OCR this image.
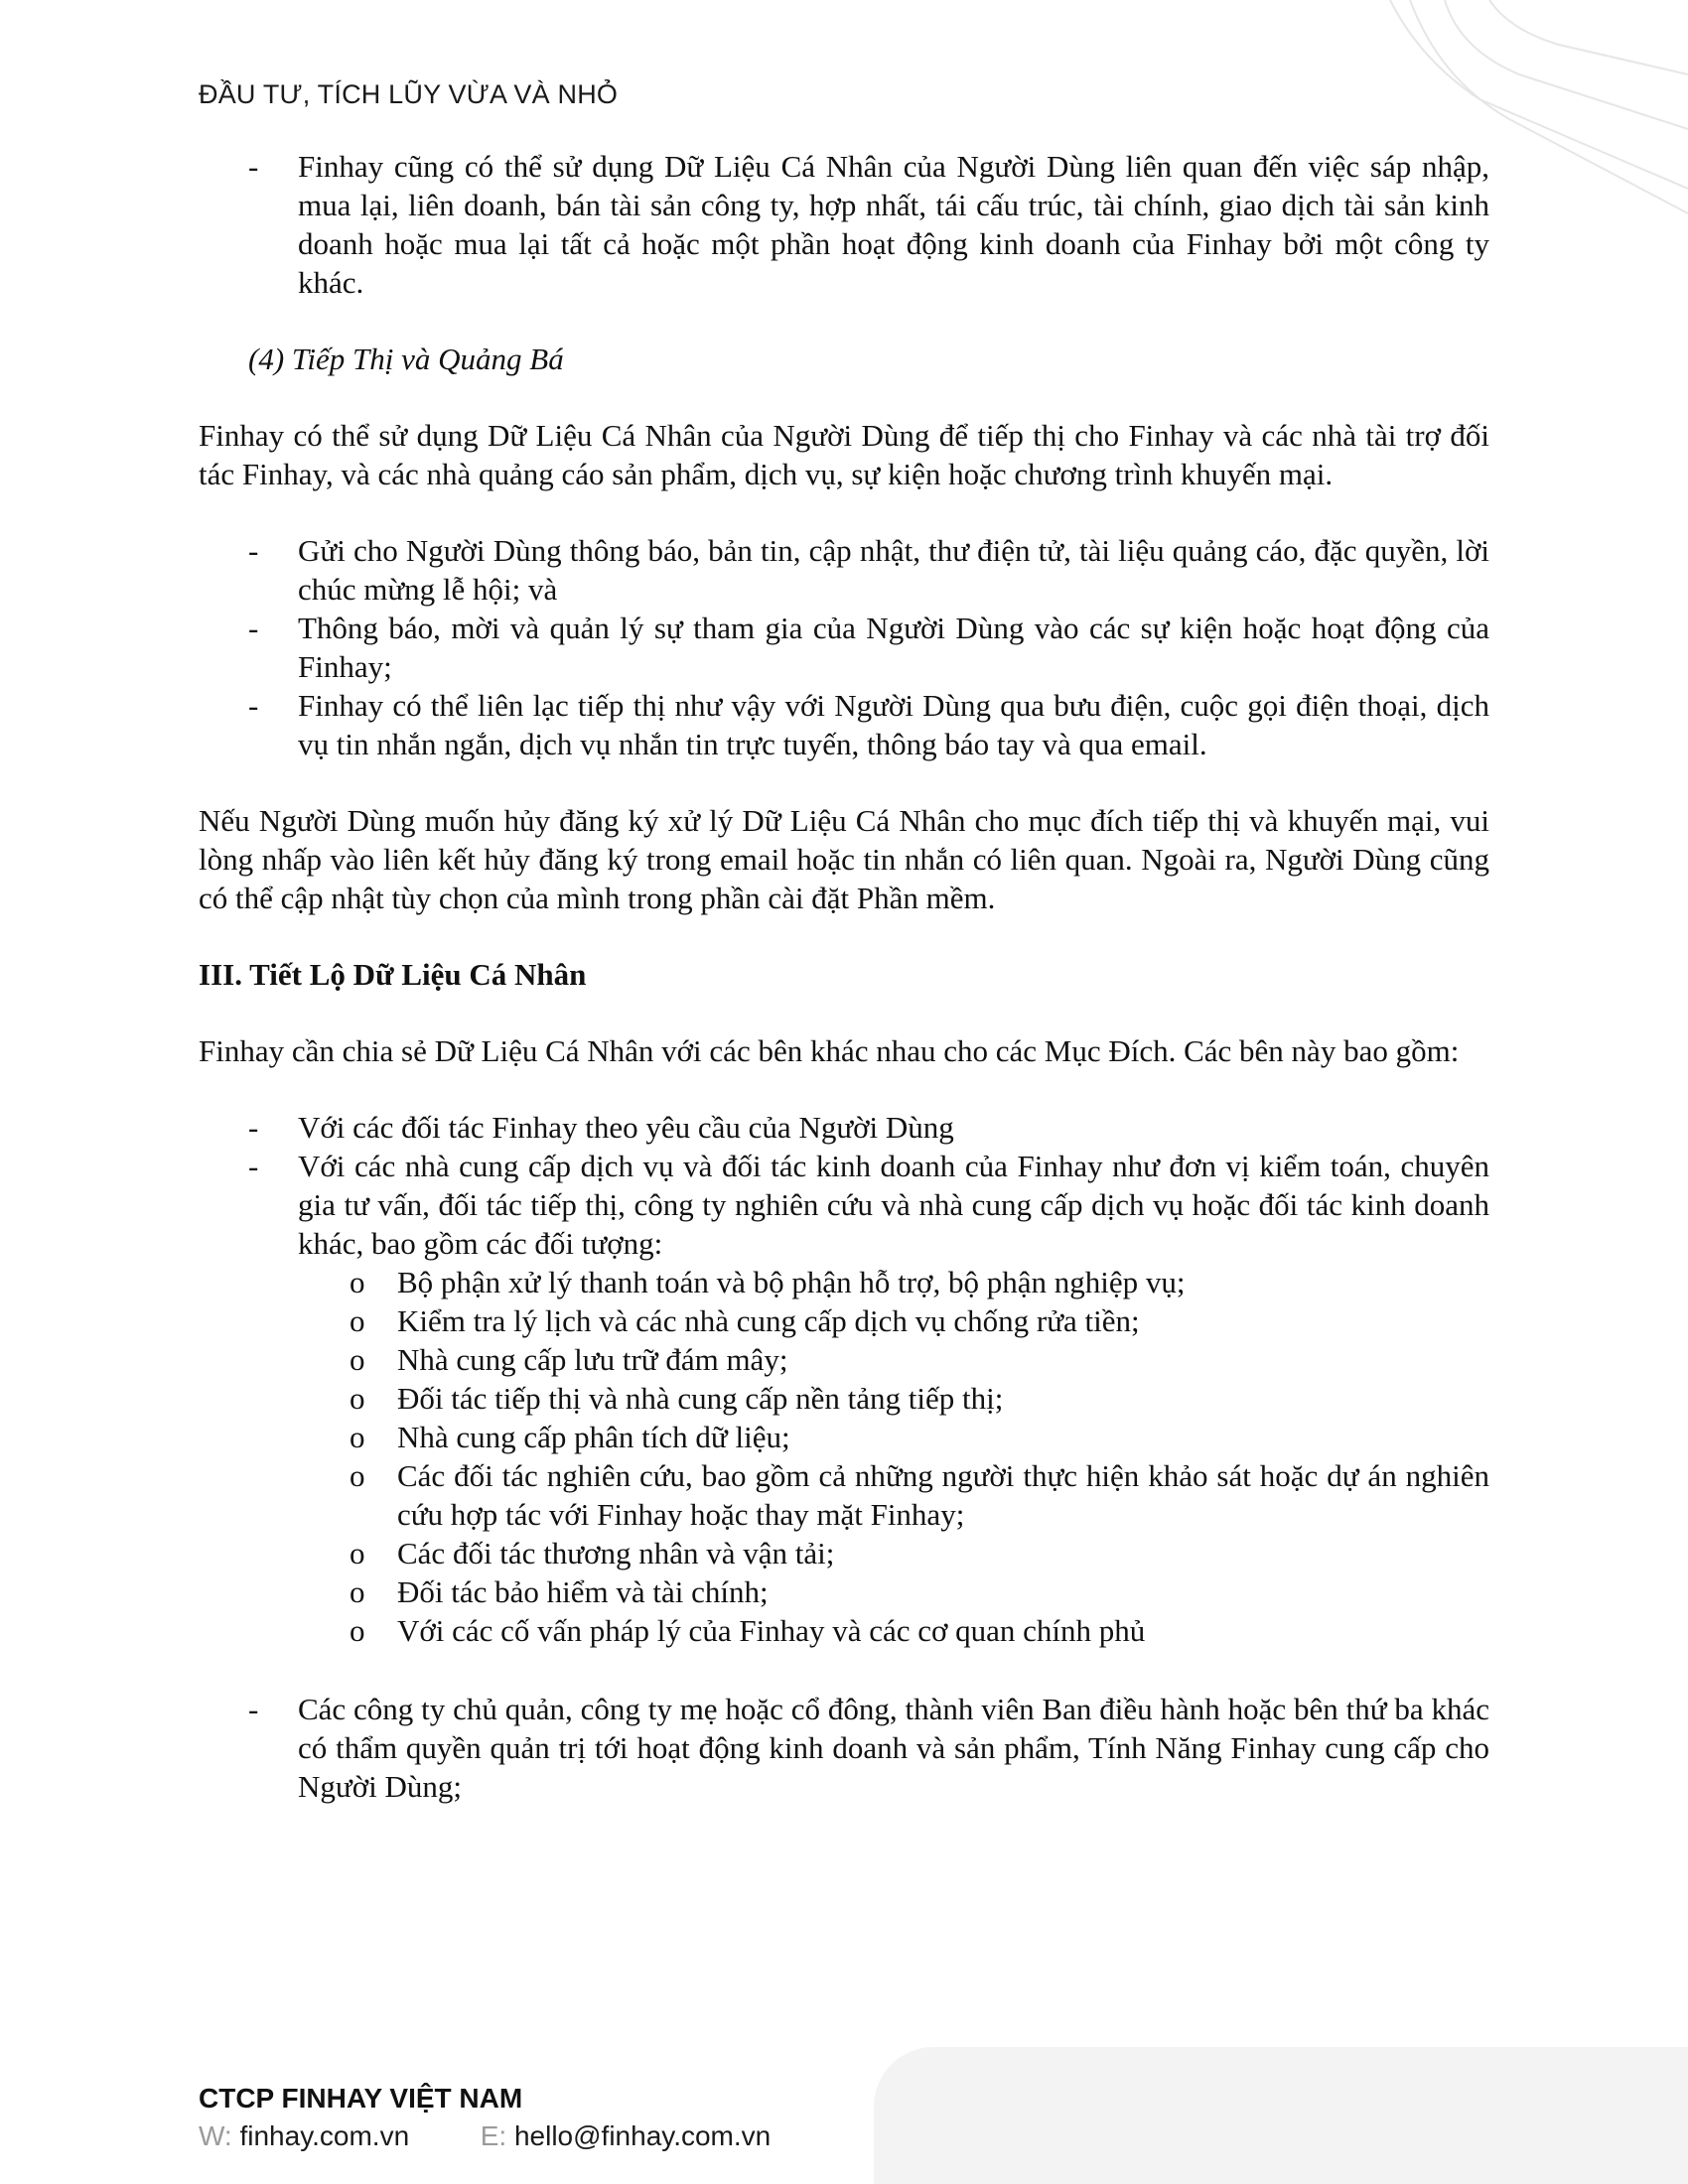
ĐẦU TƯ, TÍCH LŨY VỪA VÀ NHỎ
- Finhay cũng có thể sử dụng Dữ Liệu Cá Nhân của Người Dùng liên quan đến việc sáp nhập, mua lại, liên doanh, bán tài sản công ty, hợp nhất, tái cấu trúc, tài chính, giao dịch tài sản kinh doanh hoặc mua lại tất cả hoặc một phần hoạt động kinh doanh của Finhay bởi một công ty khác.

(4) Tiếp Thị và Quảng Bá

Finhay có thể sử dụng Dữ Liệu Cá Nhân của Người Dùng để tiếp thị cho Finhay và các nhà tài trợ đối tác Finhay, và các nhà quảng cáo sản phẩm, dịch vụ, sự kiện hoặc chương trình khuyến mại.

- Gửi cho Người Dùng thông báo, bản tin, cập nhật, thư điện tử, tài liệu quảng cáo, đặc quyền, lời chúc mừng lễ hội; và
- Thông báo, mời và quản lý sự tham gia của Người Dùng vào các sự kiện hoặc hoạt động của Finhay;
- Finhay có thể liên lạc tiếp thị như vậy với Người Dùng qua bưu điện, cuộc gọi điện thoại, dịch vụ tin nhắn ngắn, dịch vụ nhắn tin trực tuyến, thông báo tay và qua email.

Nếu Người Dùng muốn hủy đăng ký xử lý Dữ Liệu Cá Nhân cho mục đích tiếp thị và khuyến mại, vui lòng nhấp vào liên kết hủy đăng ký trong email hoặc tin nhắn có liên quan. Ngoài ra, Người Dùng cũng có thể cập nhật tùy chọn của mình trong phần cài đặt Phần mềm.

III. Tiết Lộ Dữ Liệu Cá Nhân

Finhay cần chia sẻ Dữ Liệu Cá Nhân với các bên khác nhau cho các Mục Đích. Các bên này bao gồm:

- Với các đối tác Finhay theo yêu cầu của Người Dùng
- Với các nhà cung cấp dịch vụ và đối tác kinh doanh của Finhay như đơn vị kiểm toán, chuyên gia tư vấn, đối tác tiếp thị, công ty nghiên cứu và nhà cung cấp dịch vụ hoặc đối tác kinh doanh khác, bao gồm các đối tượng:
o Bộ phận xử lý thanh toán và bộ phận hỗ trợ, bộ phận nghiệp vụ;
o Kiểm tra lý lịch và các nhà cung cấp dịch vụ chống rửa tiền;
o Nhà cung cấp lưu trữ đám mây;
o Đối tác tiếp thị và nhà cung cấp nền tảng tiếp thị;
o Nhà cung cấp phân tích dữ liệu;
o Các đối tác nghiên cứu, bao gồm cả những người thực hiện khảo sát hoặc dự án nghiên cứu hợp tác với Finhay hoặc thay mặt Finhay;
o Các đối tác thương nhân và vận tải;
o Đối tác bảo hiểm và tài chính;
o Với các cố vấn pháp lý của Finhay và các cơ quan chính phủ
- Các công ty chủ quản, công ty mẹ hoặc cổ đông, thành viên Ban điều hành hoặc bên thứ ba khác có thẩm quyền quản trị tới hoạt động kinh doanh và sản phẩm, Tính Năng Finhay cung cấp cho Người Dùng;
CTCP FINHAY VIỆT NAM
W: finhay.com.vn	E: hello@finhay.com.vn
